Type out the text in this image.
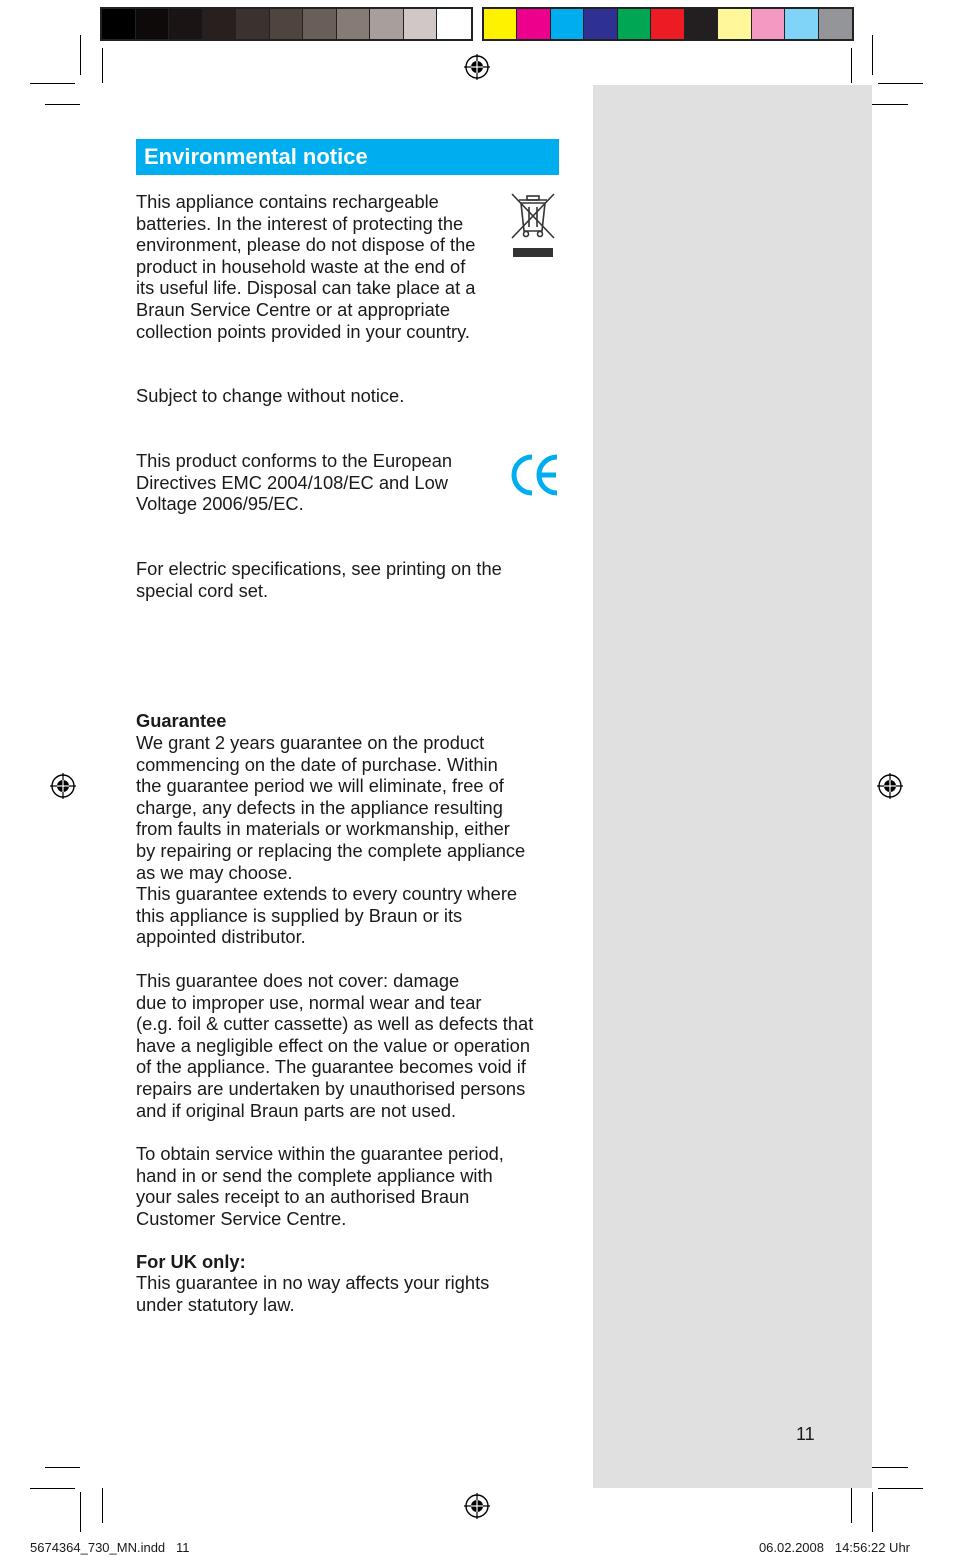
Environmental notice

This appliance contains rechargeable
batteries. In the interest of protecting the
environment, please do not dispose of the
product in household waste at the end of
its useful life. Disposal can take place at a
Braun Service Centre or at appropriate
collection points provided in your country.

Subject to change without notice.

This product conforms to the European
Directives EMC 2004/108/EC and Low
Voltage 2006/95/EC.

For electric specifications, see printing on the
special cord set.

Guarantee

We grant 2 years guarantee on the product
commencing on the date of purchase. Within
the guarantee period we will eliminate, free of
charge, any defects in the appliance resulting
from faults in materials or workmanship, either
by repairing or replacing the complete appliance
as we may choose.
This guarantee extends to every country where
this appliance is supplied by Braun or its
appointed distributor.

This guarantee does not cover: damage
due to improper use, normal wear and tear
(e.g. foil & cutter cassette) as well as defects that
have a negligible effect on the value or operation
of the appliance. The guarantee becomes void if
repairs are undertaken by unauthorised persons
and if original Braun parts are not used.

To obtain service within the guarantee period,
hand in or send the complete appliance with
your sales receipt to an authorised Braun
Customer Service Centre.

For UK only:

This guarantee in no way affects your rights
under statutory law.

11
5674364_730_MN.indd   11	06.02.2008   14:56:22 Uhr
